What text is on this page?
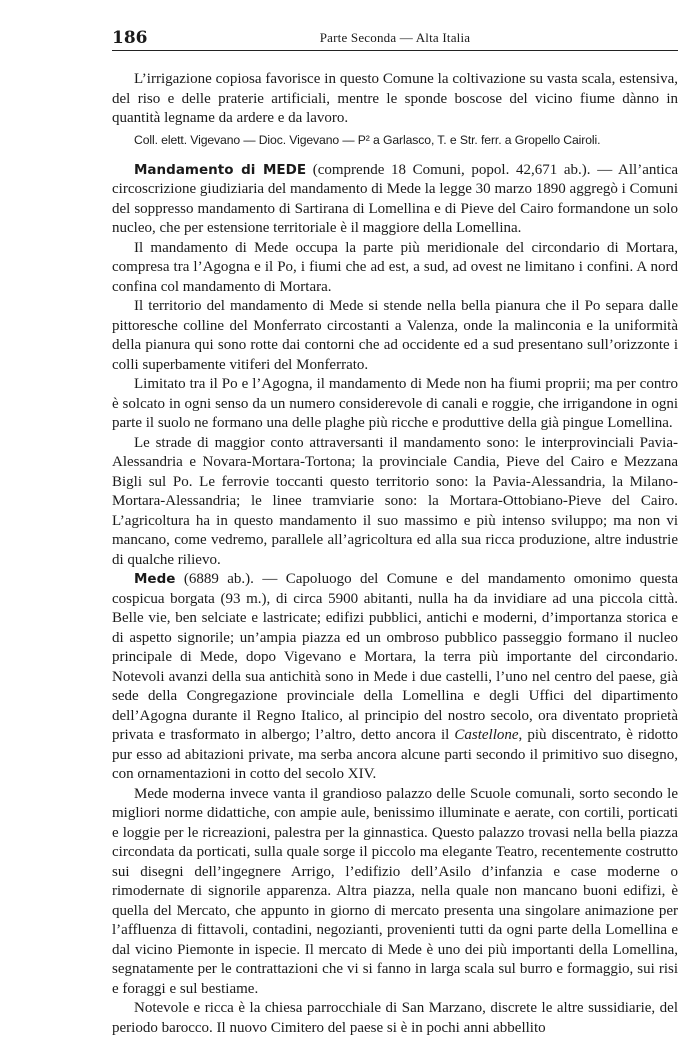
186	Parte Seconda — Alta Italia

L’irrigazione copiosa favorisce in questo Comune la coltivazione su vasta scala, estensiva, del riso e delle praterie artificiali, mentre le sponde boscose del vicino fiume dànno in quantità legname da ardere e da lavoro.

Coll. elett. Vigevano — Dioc. Vigevano — P² a Garlasco, T. e Str. ferr. a Gropello Cairoli.

Mandamento di MEDE (comprende 18 Comuni, popol. 42,671 ab.). — All’antica circoscrizione giudiziaria del mandamento di Mede la legge 30 marzo 1890 aggregò i Comuni del soppresso mandamento di Sartirana di Lomellina e di Pieve del Cairo formandone un solo nucleo, che per estensione territoriale è il maggiore della Lomellina.

Il mandamento di Mede occupa la parte più meridionale del circondario di Mortara, compresa tra l’Agogna e il Po, i fiumi che ad est, a sud, ad ovest ne limitano i confini. A nord confina col mandamento di Mortara.

Il territorio del mandamento di Mede si stende nella bella pianura che il Po separa dalle pittoresche colline del Monferrato circostanti a Valenza, onde la malinconia e la uniformità della pianura qui sono rotte dai contorni che ad occidente ed a sud presentano sull’orizzonte i colli superbamente vitiferi del Monferrato.

Limitato tra il Po e l’Agogna, il mandamento di Mede non ha fiumi proprii; ma per contro è solcato in ogni senso da un numero considerevole di canali e roggie, che irrigandone in ogni parte il suolo ne formano una delle plaghe più ricche e produttive della già pingue Lomellina.

Le strade di maggior conto attraversanti il mandamento sono: le interprovinciali Pavia-Alessandria e Novara-Mortara-Tortona; la provinciale Candia, Pieve del Cairo e Mezzana Bigli sul Po. Le ferrovie toccanti questo territorio sono: la Pavia-Alessandria, la Milano-Mortara-Alessandria; le linee tramviarie sono: la Mortara-Ottobiano-Pieve del Cairo. L’agricoltura ha in questo mandamento il suo massimo e più intenso sviluppo; ma non vi mancano, come vedremo, parallele all’agricoltura ed alla sua ricca produzione, altre industrie di qualche rilievo.

Mede (6889 ab.). — Capoluogo del Comune e del mandamento omonimo questa cospicua borgata (93 m.), di circa 5900 abitanti, nulla ha da invidiare ad una piccola città. Belle vie, ben selciate e lastricate; edifizi pubblici, antichi e moderni, d’importanza storica e di aspetto signorile; un’ampia piazza ed un ombroso pubblico passeggio formano il nucleo principale di Mede, dopo Vigevano e Mortara, la terra più importante del circondario. Notevoli avanzi della sua antichità sono in Mede i due castelli, l’uno nel centro del paese, già sede della Congregazione provinciale della Lomellina e degli Uffici del dipartimento dell’Agogna durante il Regno Italico, al principio del nostro secolo, ora diventato proprietà privata e trasformato in albergo; l’altro, detto ancora il Castellone, più discentrato, è ridotto pur esso ad abitazioni private, ma serba ancora alcune parti secondo il primitivo suo disegno, con ornamentazioni in cotto del secolo XIV.

Mede moderna invece vanta il grandioso palazzo delle Scuole comunali, sorto secondo le migliori norme didattiche, con ampie aule, benissimo illuminate e aerate, con cortili, porticati e loggie per le ricreazioni, palestra per la ginnastica. Questo palazzo trovasi nella bella piazza circondata da porticati, sulla quale sorge il piccolo ma elegante Teatro, recentemente costrutto sui disegni dell’ingegnere Arrigo, l’edifizio dell’Asilo d’infanzia e case moderne o rimodernate di signorile apparenza. Altra piazza, nella quale non mancano buoni edifizi, è quella del Mercato, che appunto in giorno di mercato presenta una singolare animazione per l’affluenza di fittavoli, contadini, negozianti, provenienti tutti da ogni parte della Lomellina e dal vicino Piemonte in ispecie. Il mercato di Mede è uno dei più importanti della Lomellina, segnatamente per le contrattazioni che vi si fanno in larga scala sul burro e formaggio, sui risi e foraggi e sul bestiame.

Notevole e ricca è la chiesa parrocchiale di San Marzano, discrete le altre sussidiarie, del periodo barocco. Il nuovo Cimitero del paese si è in pochi anni abbellito
